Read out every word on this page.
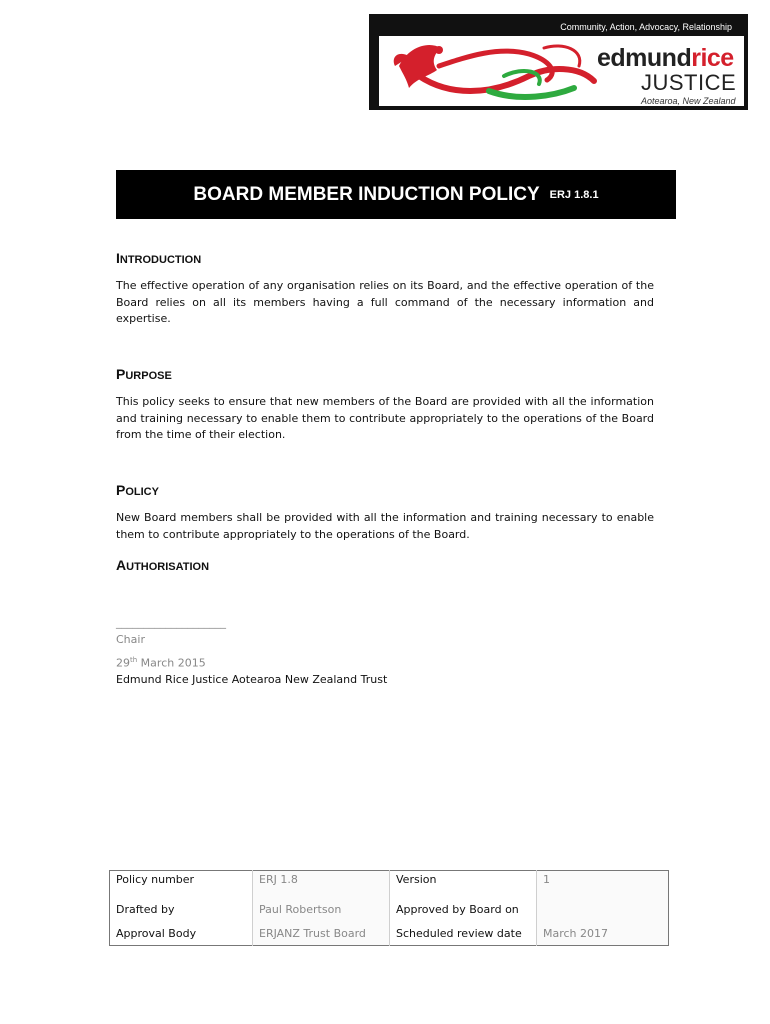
Community, Action, Advocacy, Relationship
edmundrice
JUSTICE
Aotearoa, New Zealand
BOARD MEMBER INDUCTION POLICY ERJ 1.8.1
INTRODUCTION
The effective operation of any organisation relies on its Board, and the effective operation of the Board relies on all its members having a full command of the necessary information and expertise.
PURPOSE
This policy seeks to ensure that new members of the Board are provided with all the information and training necessary to enable them to contribute appropriately to the operations of the Board from the time of their election.
POLICY
New Board members shall be provided with all the information and training necessary to enable them to contribute appropriately to the operations of the Board.
AUTHORISATION
____________________
Chair
29th March 2015
Edmund Rice Justice Aotearoa New Zealand Trust
Policy number	ERJ 1.8	Version	1
Drafted by	Paul Robertson	Approved by Board on	
Approval Body	ERJANZ Trust Board	Scheduled review date	March 2017
